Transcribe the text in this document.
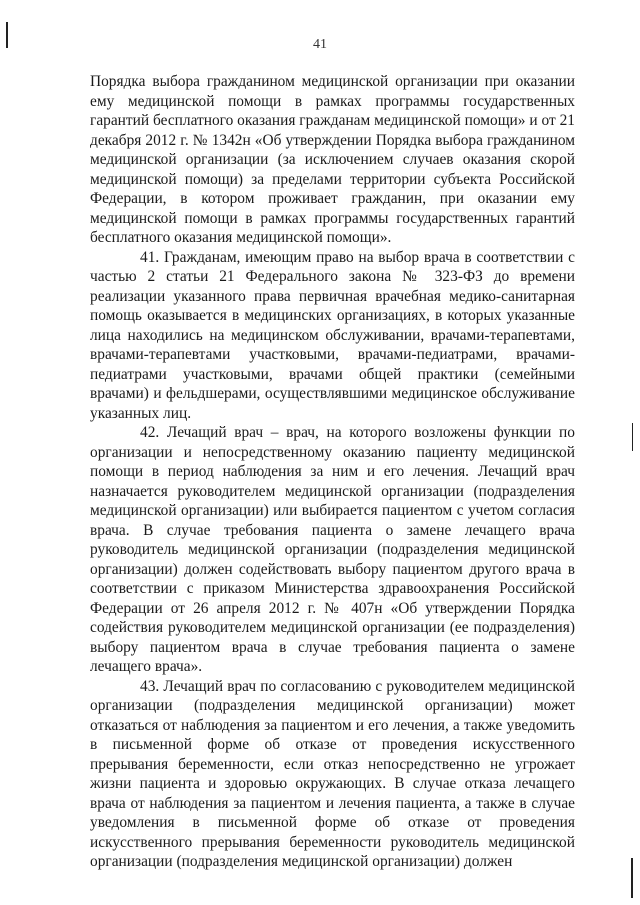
41

Порядка выбора гражданином медицинской организации при оказании ему медицинской помощи в рамках программы государственных гарантий бесплатного оказания гражданам медицинской помощи» и от 21 декабря 2012 г. № 1342н «Об утверждении Порядка выбора гражданином медицинской организации (за исключением случаев оказания скорой медицинской помощи) за пределами территории субъекта Российской Федерации, в котором проживает гражданин, при оказании ему медицинской помощи в рамках программы государственных гарантий бесплатного оказания медицинской помощи».

41. Гражданам, имеющим право на выбор врача в соответствии с частью 2 статьи 21 Федерального закона № 323-ФЗ до времени реализации указанного права первичная врачебная медико-санитарная помощь оказывается в медицинских организациях, в которых указанные лица находились на медицинском обслуживании, врачами-терапевтами, врачами-терапевтами участковыми, врачами-педиатрами, врачами-педиатрами участковыми, врачами общей практики (семейными врачами) и фельдшерами, осуществлявшими медицинское обслуживание указанных лиц.

42. Лечащий врач – врач, на которого возложены функции по организации и непосредственному оказанию пациенту медицинской помощи в период наблюдения за ним и его лечения. Лечащий врач назначается руководителем медицинской организации (подразделения медицинской организации) или выбирается пациентом с учетом согласия врача. В случае требования пациента о замене лечащего врача руководитель медицинской организации (подразделения медицинской организации) должен содействовать выбору пациентом другого врача в соответствии с приказом Министерства здравоохранения Российской Федерации от 26 апреля 2012 г. № 407н «Об утверждении Порядка содействия руководителем медицинской организации (ее подразделения) выбору пациентом врача в случае требования пациента о замене лечащего врача».

43. Лечащий врач по согласованию с руководителем медицинской организации (подразделения медицинской организации) может отказаться от наблюдения за пациентом и его лечения, а также уведомить в письменной форме об отказе от проведения искусственного прерывания беременности, если отказ непосредственно не угрожает жизни пациента и здоровью окружающих. В случае отказа лечащего врача от наблюдения за пациентом и лечения пациента, а также в случае уведомления в письменной форме об отказе от проведения искусственного прерывания беременности руководитель медицинской организации (подразделения медицинской организации) должен
